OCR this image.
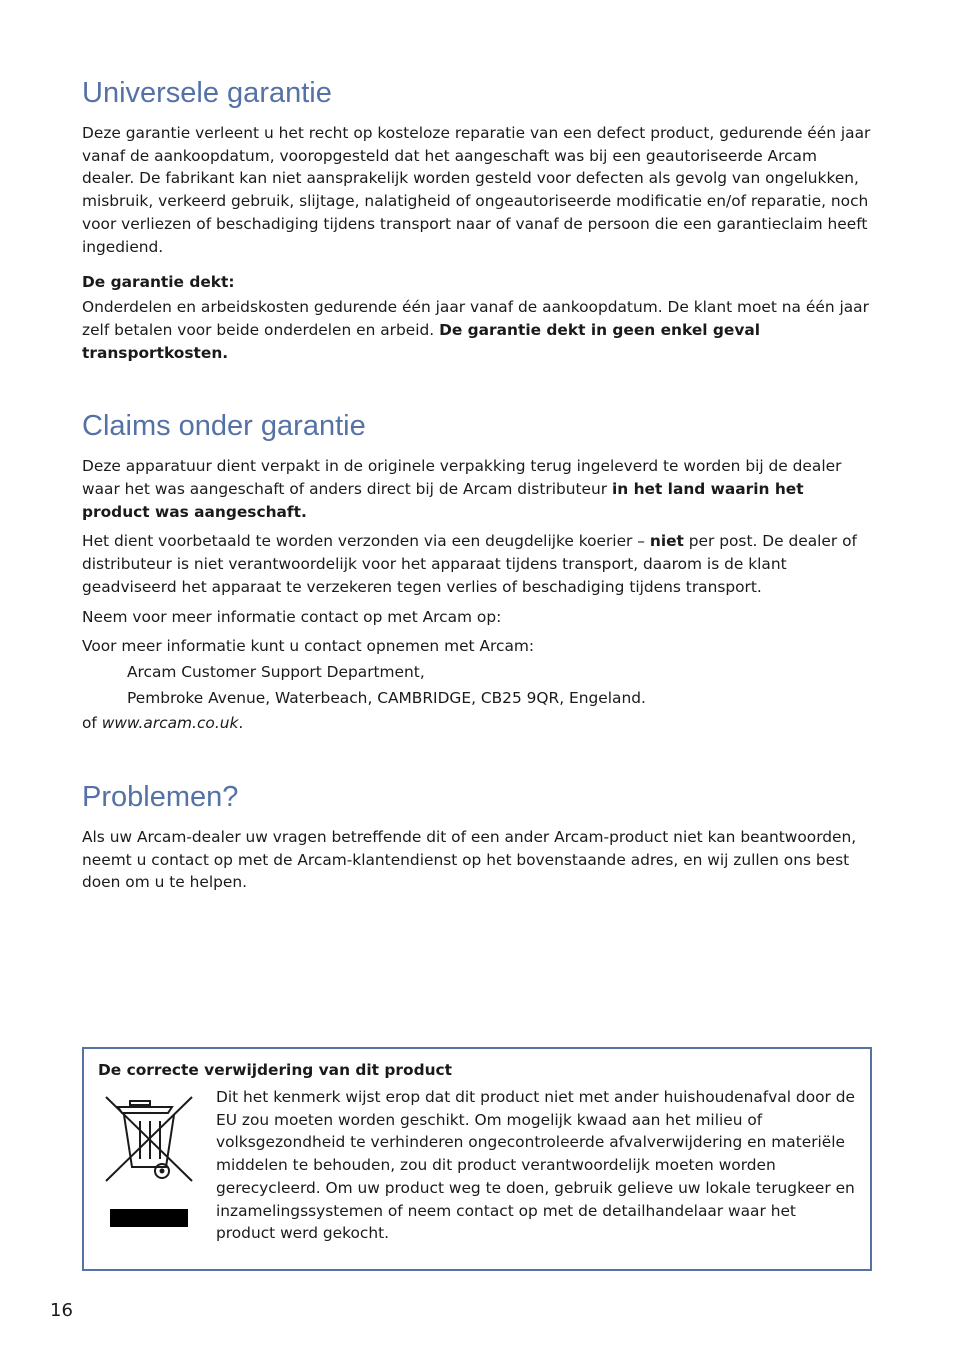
Universele garantie

Deze garantie verleent u het recht op kosteloze reparatie van een defect product, gedurende één jaar vanaf de aankoopdatum, vooropgesteld dat het aangeschaft was bij een geautoriseerde Arcam dealer. De fabrikant kan niet aansprakelijk worden gesteld voor defecten als gevolg van ongelukken, misbruik, verkeerd gebruik, slijtage, nalatigheid of ongeautoriseerde modificatie en/of reparatie, noch voor verliezen of beschadiging tijdens transport naar of vanaf de persoon die een garantieclaim heeft ingediend.

De garantie dekt:

Onderdelen en arbeidskosten gedurende één jaar vanaf de aankoopdatum. De klant moet na één jaar zelf betalen voor beide onderdelen en arbeid. De garantie dekt in geen enkel geval transportkosten.

Claims onder garantie

Deze apparatuur dient verpakt in de originele verpakking terug ingeleverd te worden bij de dealer waar het was aangeschaft of anders direct bij de Arcam distributeur in het land waarin het product was aangeschaft.

Het dient voorbetaald te worden verzonden via een deugdelijke koerier – niet per post. De dealer of distributeur is niet verantwoordelijk voor het apparaat tijdens transport, daarom is de klant geadviseerd het apparaat te verzekeren tegen verlies of beschadiging tijdens transport.

Neem voor meer informatie contact op met Arcam op:

Voor meer informatie kunt u contact opnemen met Arcam:

Arcam Customer Support Department,

Pembroke Avenue, Waterbeach, CAMBRIDGE, CB25 9QR, Engeland.

of www.arcam.co.uk.

Problemen?

Als uw Arcam-dealer uw vragen betreffende dit of een ander Arcam-product niet kan beantwoorden, neemt u contact op met de Arcam-klantendienst op het bovenstaande adres, en wij zullen ons best doen om u te helpen.

De correcte verwijdering van dit product

Dit het kenmerk wijst erop dat dit product niet met ander huishoudenafval door de EU zou moeten worden geschikt. Om mogelijk kwaad aan het milieu of volksgezondheid te verhinderen ongecontroleerde afvalverwijdering en materiële middelen te behouden, zou dit product verantwoordelijk moeten worden gerecycleerd. Om uw product weg te doen, gebruik gelieve uw lokale terugkeer en inzamelingssystemen of neem contact op met de detailhandelaar waar het product werd gekocht.

16
